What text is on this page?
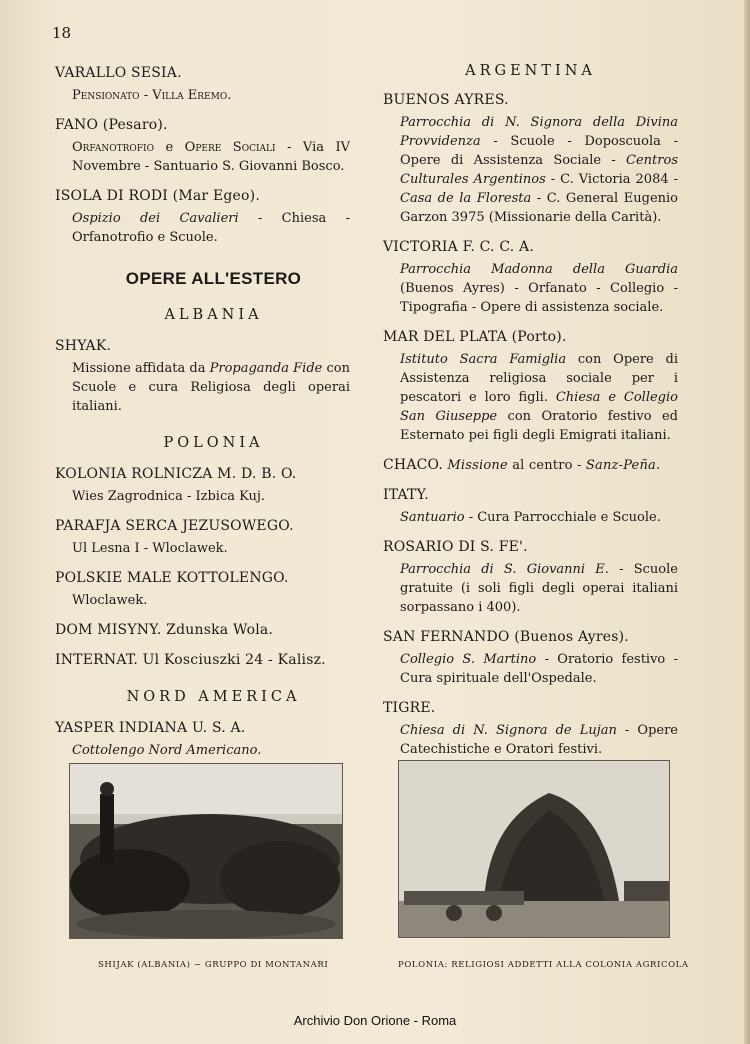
18
VARALLO SESIA.
Pensionato - Villa Eremo.
FANO (Pesaro).
Orfanotrofio e Opere Sociali - Via IV Novembre - Santuario S. Giovanni Bosco.
ISOLA DI RODI (Mar Egeo).
Ospizio dei Cavalieri - Chiesa - Orfanotrofio e Scuole.
OPERE ALL'ESTERO
ALBANIA
SHYAK.
Missione affidata da Propaganda Fide con Scuole e cura Religiosa degli operai italiani.
POLONIA
KOLONIA ROLNICZA M. D. B. O.
Wies Zagrodnica - Izbica Kuj.
PARAFJA SERCA JEZUSOWEGO.
Ul Lesna I - Wloclawek.
POLSKIE MALE KOTTOLENGO.
Wloclawek.
DOM MISYNY. Zdunska Wola.
INTERNAT. Ul Kosciuszki 24 - Kalisz.
NORD AMERICA
YASPER INDIANA U. S. A.
Cottolengo Nord Americano.
ARGENTINA
BUENOS AYRES.
Parrocchia di N. Signora della Divina Provvidenza - Scuole - Doposcuola - Opere di Assistenza Sociale - Centros Culturales Argentinos - C. Victoria 2084 - Casa de la Floresta - C. General Eugenio Garzon 3975 (Missionarie della Carità).
VICTORIA F. C. C. A.
Parrocchia Madonna della Guardia (Buenos Ayres) - Orfanato - Collegio - Tipografia - Opere di assistenza sociale.
MAR DEL PLATA (Porto).
Istituto Sacra Famiglia con Opere di Assistenza religiosa sociale per i pescatori e loro figli. Chiesa e Collegio San Giuseppe con Oratorio festivo ed Esternato pei figli degli Emigrati italiani.
CHACO. Missione al centro - Sanz-Peña.
ITATY.
Santuario - Cura Parrocchiale e Scuole.
ROSARIO DI S. FE'.
Parrocchia di S. Giovanni E. - Scuole gratuite (i soli figli degli operai italiani sorpassano i 400).
SAN FERNANDO (Buenos Ayres).
Collegio S. Martino - Oratorio festivo - Cura spirituale dell'Ospedale.
TIGRE.
Chiesa di N. Signora de Lujan - Opere Catechistiche e Oratori festivi.
SHIJAK (ALBANIA) ~ GRUPPO DI MONTANARI	POLONIA: RELIGIOSI ADDETTI ALLA COLONIA AGRICOLA
Archivio Don Orione - Roma
